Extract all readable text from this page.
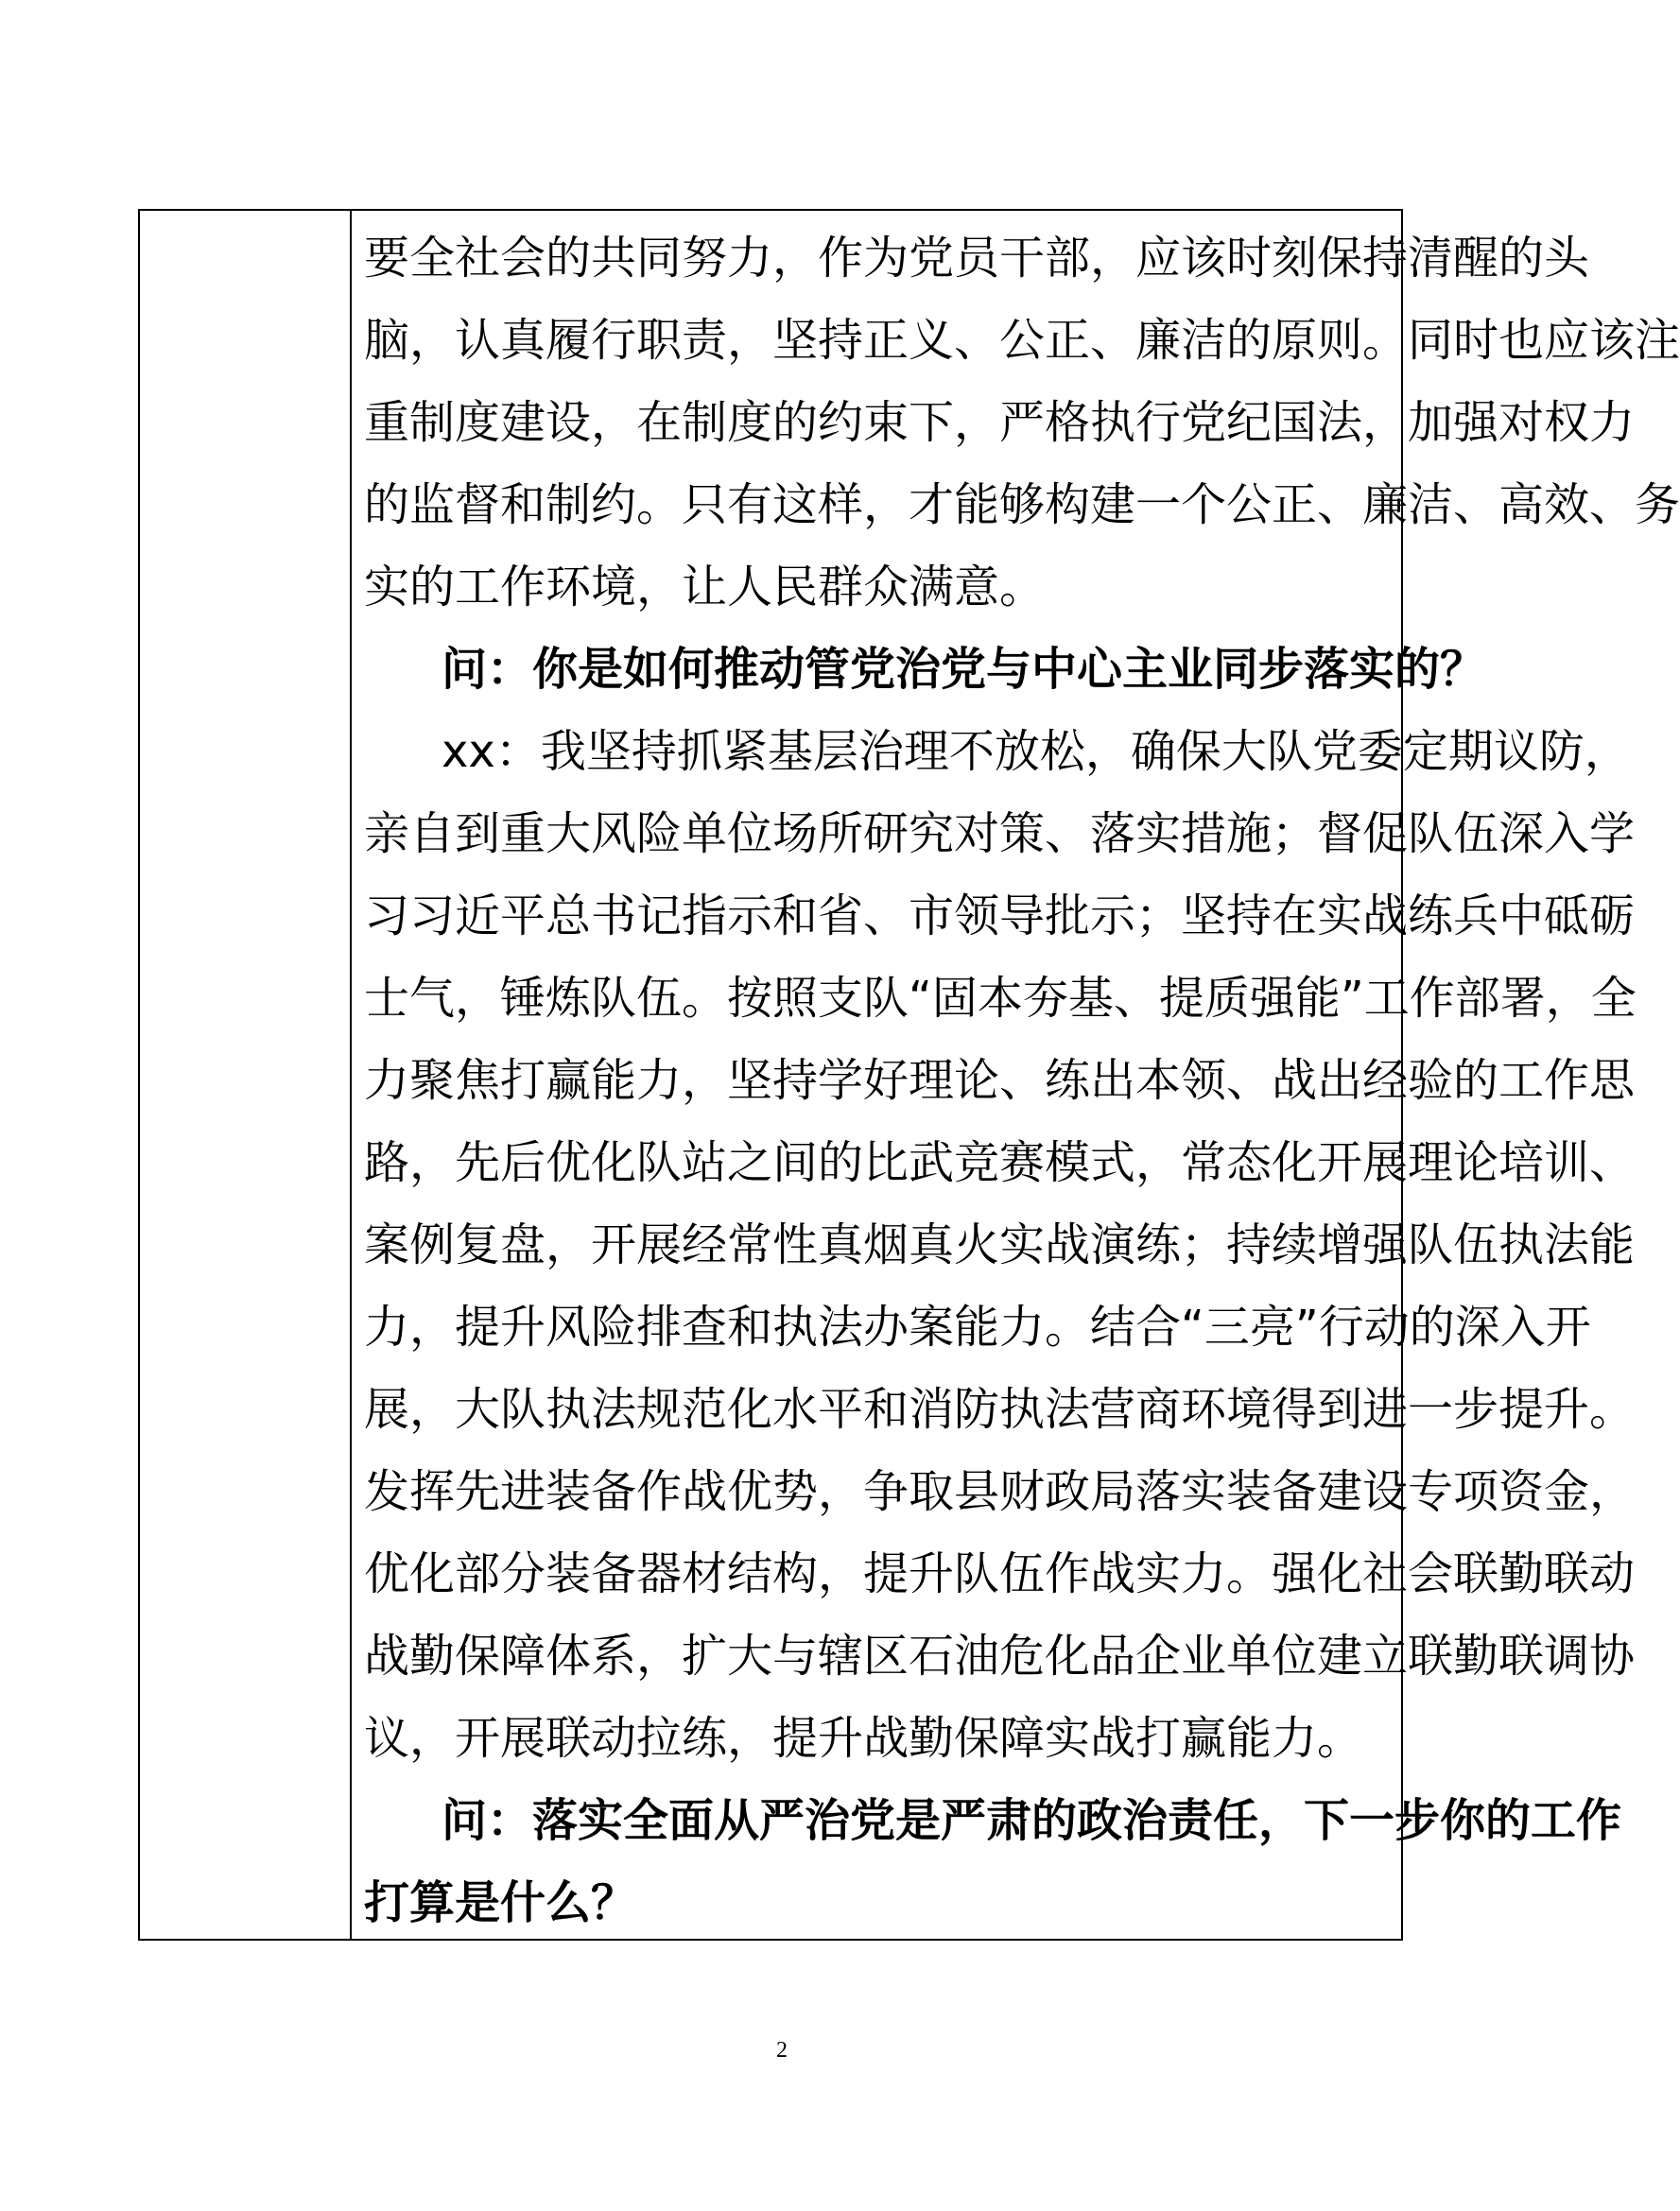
要全社会的共同努力，作为党员干部，应该时刻保持清醒的头
脑，认真履行职责，坚持正义、公正、廉洁的原则。同时也应该注
重制度建设，在制度的约束下，严格执行党纪国法，加强对权力
的监督和制约。只有这样，才能够构建一个公正、廉洁、高效、务
实的工作环境，让人民群众满意。
问：你是如何推动管党治党与中心主业同步落实的？
xx：我坚持抓紧基层治理不放松，确保大队党委定期议防，
亲自到重大风险单位场所研究对策、落实措施；督促队伍深入学
习习近平总书记指示和省、市领导批示；坚持在实战练兵中砥砺
士气，锤炼队伍。按照支队“固本夯基、提质强能”工作部署，全
力聚焦打赢能力，坚持学好理论、练出本领、战出经验的工作思
路，先后优化队站之间的比武竞赛模式，常态化开展理论培训、
案例复盘，开展经常性真烟真火实战演练；持续增强队伍执法能
力，提升风险排查和执法办案能力。结合“三亮”行动的深入开
展，大队执法规范化水平和消防执法营商环境得到进一步提升。
发挥先进装备作战优势，争取县财政局落实装备建设专项资金，
优化部分装备器材结构，提升队伍作战实力。强化社会联勤联动
战勤保障体系，扩大与辖区石油危化品企业单位建立联勤联调协
议，开展联动拉练，提升战勤保障实战打赢能力。
问：落实全面从严治党是严肃的政治责任，下一步你的工作
打算是什么？
2
